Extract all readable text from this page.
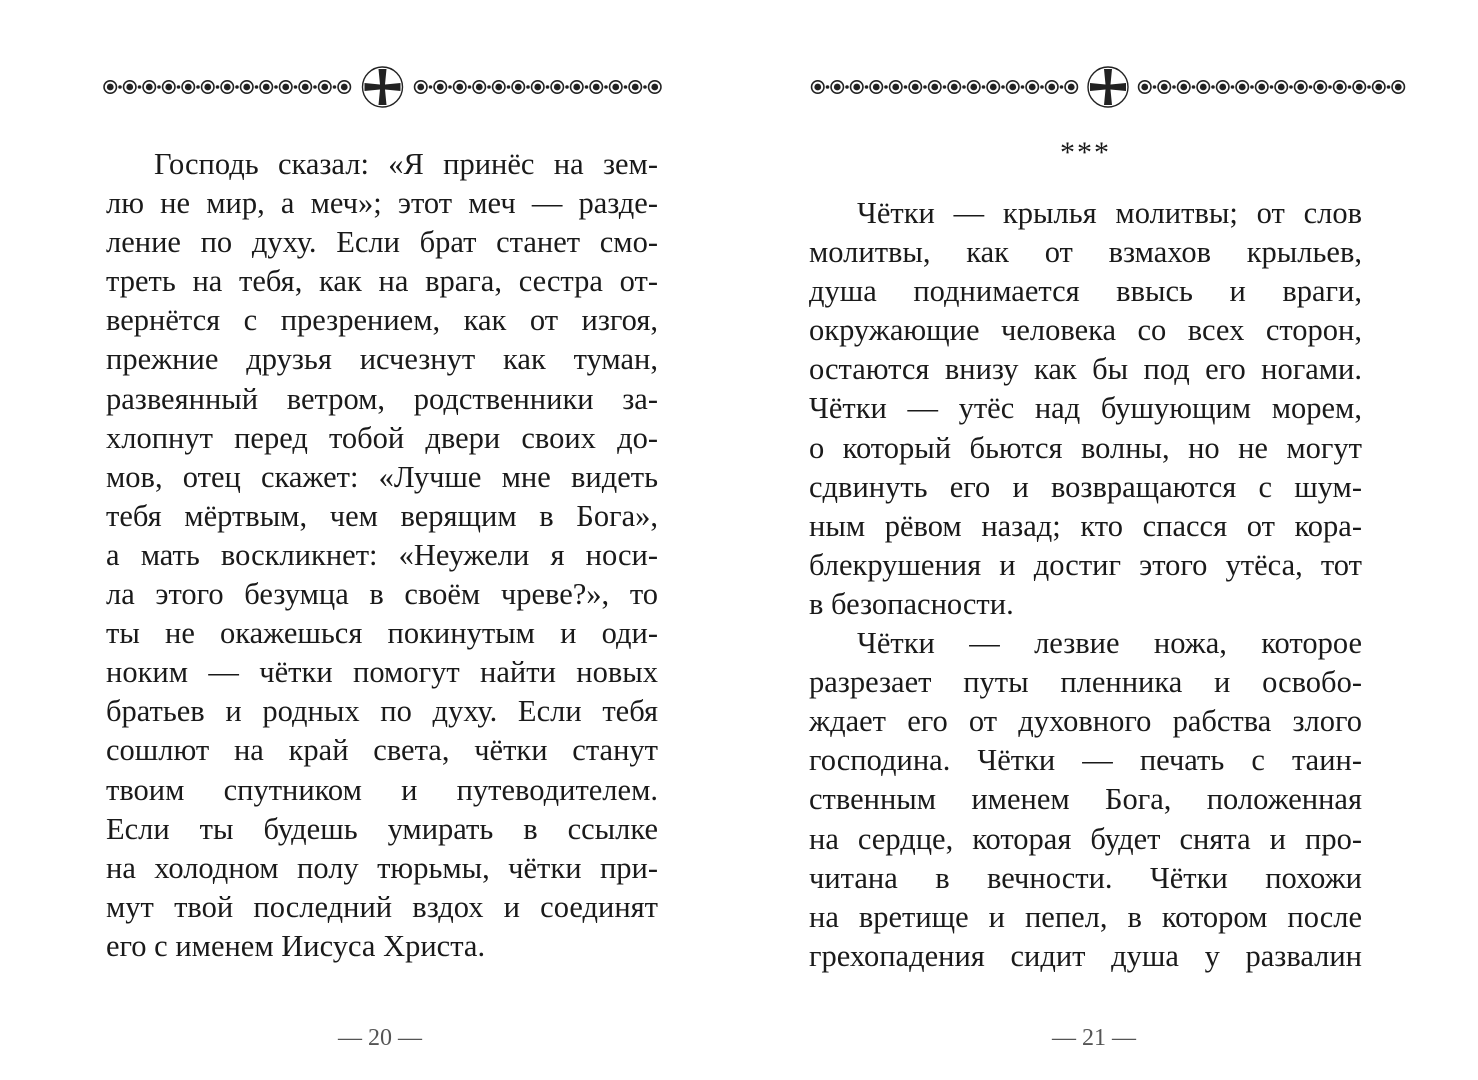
Господь сказал: «Я принёс на зем-
лю не мир, а меч»; этот меч — разде-
ление по духу. Если брат станет смо-
треть на тебя, как на врага, сестра от-
вернётся с презрением, как от изгоя,
прежние друзья исчезнут как туман,
развеянный ветром, родственники за-
хлопнут перед тобой двери своих до-
мов, отец скажет: «Лучше мне видеть
тебя мёртвым, чем верящим в Бога»,
а мать воскликнет: «Неужели я носи-
ла этого безумца в своём чреве?», то
ты не окажешься покинутым и оди-
ноким — чётки помогут найти новых
братьев и родных по духу. Если тебя
сошлют на край света, чётки станут
твоим спутником и путеводителем.
Если ты будешь умирать в ссылке
на холодном полу тюрьмы, чётки при-
мут твой последний вздох и соединят
его с именем Иисуса Христа.
— 20 —
***
Чётки — крылья молитвы; от слов
молитвы, как от взмахов крыльев,
душа поднимается ввысь и враги,
окружающие человека со всех сторон,
остаются внизу как бы под его ногами.
Чётки — утёс над бушующим морем,
о который бьются волны, но не могут
сдвинуть его и возвращаются с шум-
ным рёвом назад; кто спасся от кора-
блекрушения и достиг этого утёса, тот
в безопасности.
Чётки — лезвие ножа, которое
разрезает путы пленника и освобо-
ждает его от духовного рабства злого
господина. Чётки — печать с таин-
ственным именем Бога, положенная
на сердце, которая будет снята и про-
читана в вечности. Чётки похожи
на вретище и пепел, в котором после
грехопадения сидит душа у развалин
— 21 —
